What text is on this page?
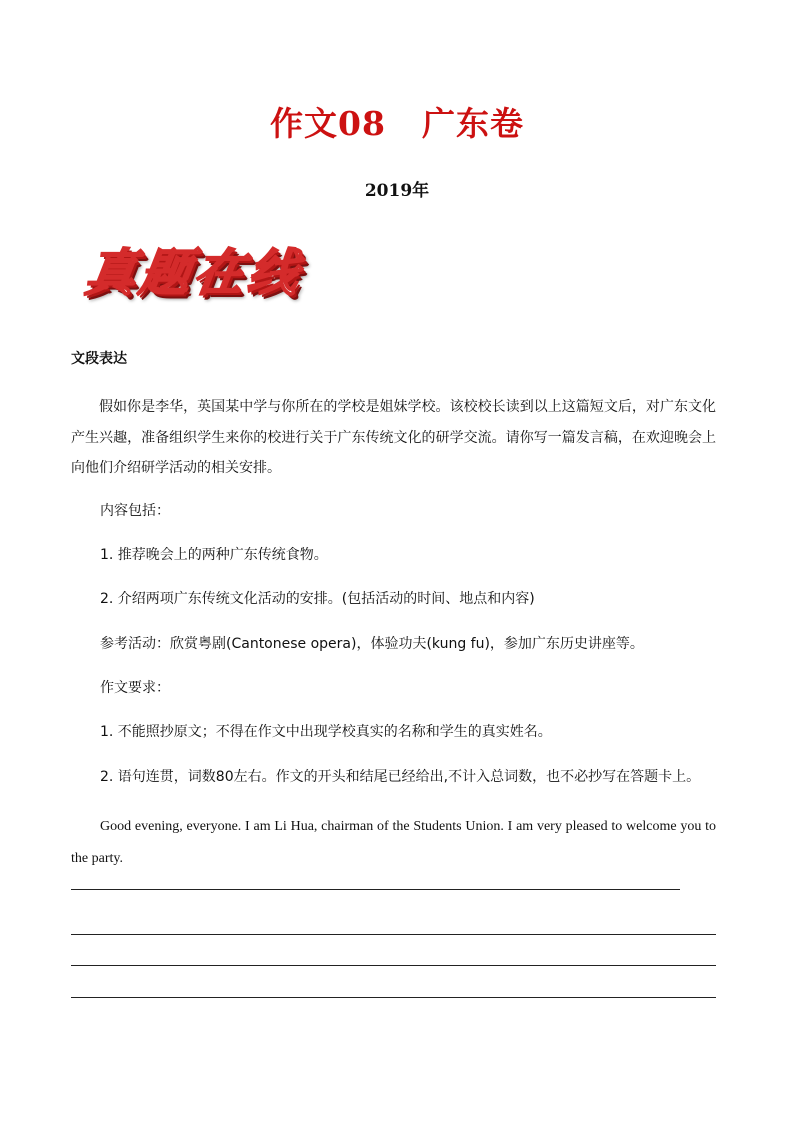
作文08 广东卷
2019年
真题在线
文段表达

假如你是李华，英国某中学与你所在的学校是姐妹学校。该校校长读到以上这篇短文后，对广东文化产生兴趣，准备组织学生来你的校进行关于广东传统文化的研学交流。请你写一篇发言稿，在欢迎晚会上向他们介绍研学活动的相关安排。

内容包括：

1. 推荐晚会上的两种广东传统食物。

2. 介绍两项广东传统文化活动的安排。(包括活动的时间、地点和内容)

参考活动：欣赏粤剧(Cantonese opera)，体验功夫(kung fu)，参加广东历史讲座等。

作文要求：

1. 不能照抄原文；不得在作文中出现学校真实的名称和学生的真实姓名。

2. 语句连贯，词数80左右。作文的开头和结尾已经给出,不计入总词数，也不必抄写在答题卡上。

Good evening, everyone. I am Li Hua, chairman of the Students Union. I am very pleased to welcome you to the party.
